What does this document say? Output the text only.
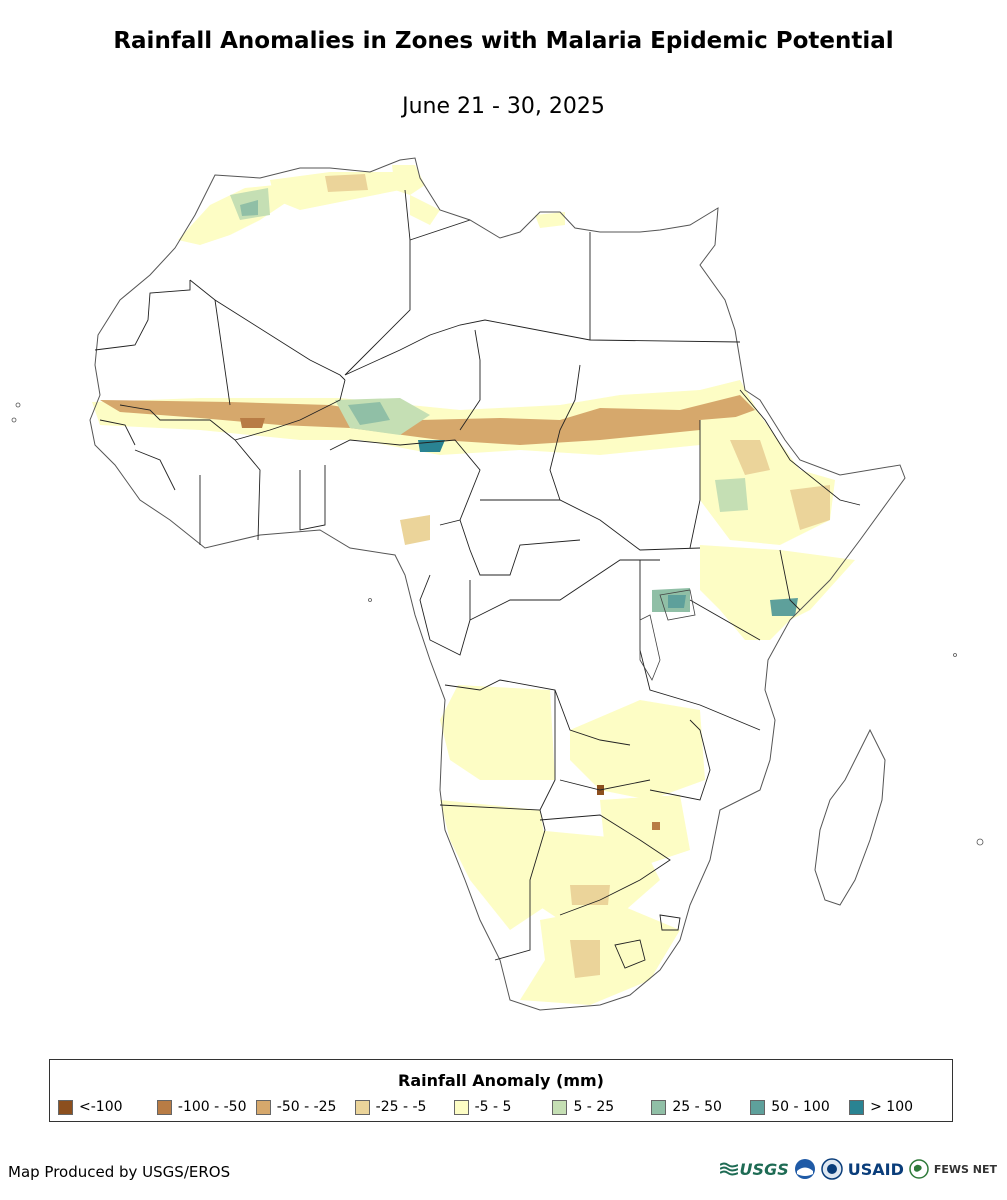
Rainfall Anomalies in Zones with Malaria Epidemic Potential
June 21 - 30, 2025
Rainfall Anomaly (mm)
<-100	-100 - -50 -50 - -25	-25 - -5	-5 - 5	5 - 25	25 - 50	50 - 100	> 100
Map Produced by USGS/EROS	USGS	USAID	FEWS NET
